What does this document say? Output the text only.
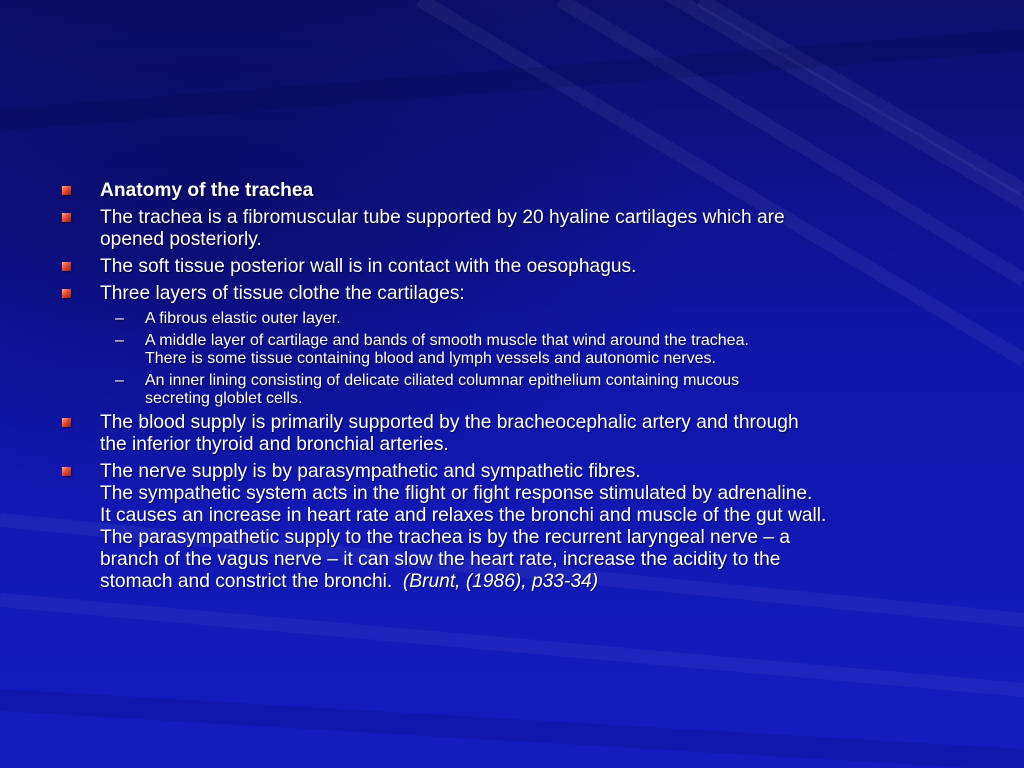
Anatomy of the trachea
The trachea is a fibromuscular tube supported by 20 hyaline cartilages which are
opened posteriorly.
The soft tissue posterior wall is in contact with the oesophagus.
Three layers of tissue clothe the cartilages:
– A fibrous elastic outer layer.
– A middle layer of cartilage and bands of smooth muscle that wind around the trachea.
There is some tissue containing blood and lymph vessels and autonomic nerves.
– An inner lining consisting of delicate ciliated columnar epithelium containing mucous
secreting globlet cells.
The blood supply is primarily supported by the bracheocephalic artery and through
the inferior thyroid and bronchial arteries.
The nerve supply is by parasympathetic and sympathetic fibres.
The sympathetic system acts in the flight or fight response stimulated by adrenaline.
It causes an increase in heart rate and relaxes the bronchi and muscle of the gut wall.
The parasympathetic supply to the trachea is by the recurrent laryngeal nerve – a
branch of the vagus nerve – it can slow the heart rate, increase the acidity to the
stomach and constrict the bronchi. (Brunt, (1986), p33-34)
